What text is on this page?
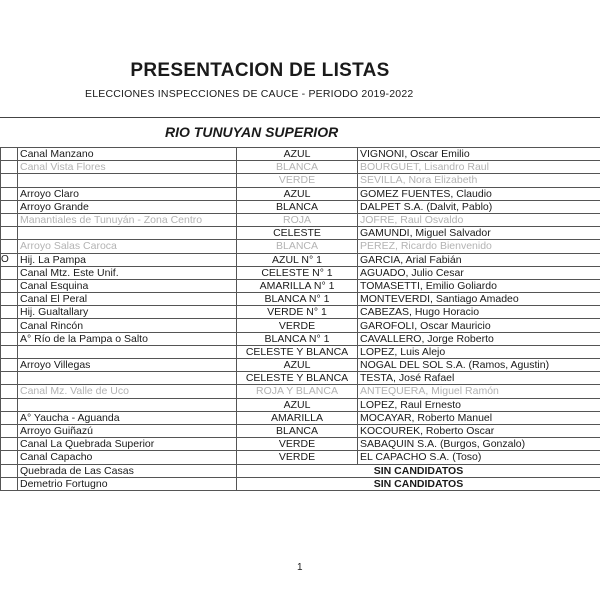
PRESENTACION DE LISTAS
ELECCIONES INSPECCIONES DE CAUCE - PERIODO 2019-2022
RIO TUNUYAN SUPERIOR
	Canal Manzano	AZUL	VIGNONI, Oscar Emilio
	Canal Vista Flores	BLANCA	BOURGUET, Lisandro Raul
		VERDE	SEVILLA, Nora Elizabeth
	Arroyo Claro	AZUL	GOMEZ FUENTES, Claudio
	Arroyo Grande	BLANCA	DALPET S.A. (Dalvit, Pablo)
	Manantiales de Tunuyán - Zona Centro	ROJA	JOFRE, Raul Osvaldo
		CELESTE	GAMUNDI, Miguel Salvador
	Arroyo Salas Caroca	BLANCA	PEREZ, Ricardo Bienvenido
O	Hij. La Pampa	AZUL N° 1	GARCIA, Arial Fabián
	Canal Mtz. Este Unif.	CELESTE N° 1	AGUADO, Julio Cesar
	Canal Esquina	AMARILLA N° 1	TOMASETTI, Emilio Goliardo
	Canal El Peral	BLANCA N° 1	MONTEVERDI, Santiago Amadeo
	Hij. Gualtallary	VERDE N° 1	CABEZAS, Hugo Horacio
	Canal Rincón	VERDE	GAROFOLI, Oscar Mauricio
	A° Río de la Pampa o Salto	BLANCA N° 1	CAVALLERO, Jorge Roberto
		CELESTE Y BLANCA	LOPEZ, Luis Alejo
	Arroyo Villegas	AZUL	NOGAL DEL SOL S.A. (Ramos, Agustin)
		CELESTE Y BLANCA	TESTA, José Rafael
	Canal Mz. Valle de Uco	ROJA Y BLANCA	ANTEQUERA, Miguel Ramón
		AZUL	LOPEZ, Raul Ernesto
	A° Yaucha - Aguanda	AMARILLA	MOCAYAR, Roberto Manuel
	Arroyo Guiñazú	BLANCA	KOCOUREK, Roberto Oscar
	Canal La Quebrada Superior	VERDE	SABAQUIN S.A. (Burgos, Gonzalo)
	Canal Capacho	VERDE	EL CAPACHO S.A. (Toso)
	Quebrada de Las Casas	SIN CANDIDATOS	
	Demetrio Fortugno	SIN CANDIDATOS	
1
